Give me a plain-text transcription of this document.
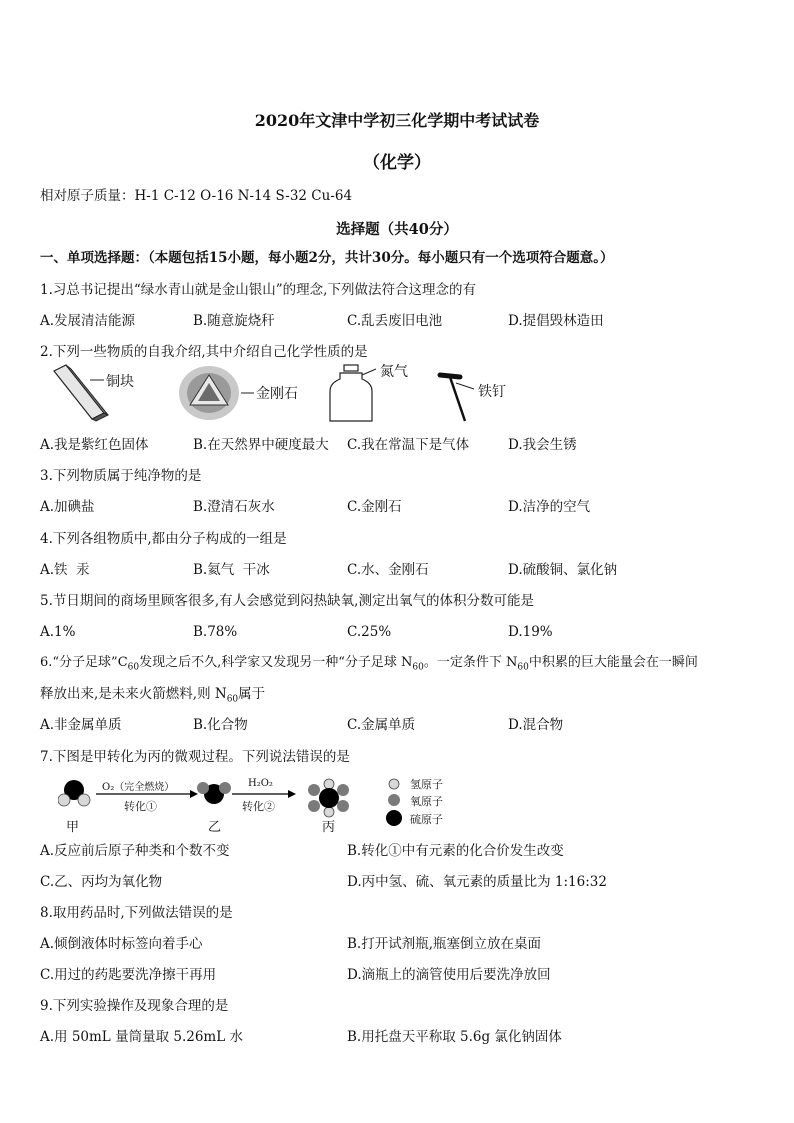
2020年文津中学初三化学期中考试试卷
（化学）
相对原子质量：H-1 C-12 O-16 N-14 S-32 Cu-64
选择题（共40分）
一、单项选择题：（本题包括15小题，每小题2分，共计30分。每小题只有一个选项符合题意。）
1.习总书记提出“绿水青山就是金山银山”的理念,下列做法符合这理念的有
A.发展清洁能源	B.随意旋烧秆	C.乱丢废旧电池	D.提倡毁林造田
2.下列一些物质的自我介绍,其中介绍自己化学性质的是
铜块
金刚石
氮气
铁钉
A.我是紫红色固体	B.在天然界中硬度最大 C.我在常温下是气体	D.我会生锈
3.下列物质属于纯净物的是
A.加碘盐	B.澄清石灰水	C.金刚石	D.洁净的空气
4.下列各组物质中,都由分子构成的一组是
A.铁  汞	B.氦气  干冰	C.水、金刚石	D.硫酸铜、氯化钠
5.节日期间的商场里顾客很多,有人会感觉到闷热缺氧,测定出氧气的体积分数可能是
A.1%	B.78%	C.25%	D.19%
6.“分子足球$”C_{60}$发现之后不久,科学家又发现另一种“分子足球 $N_{60}$。一定条件下 $N_{60}$中积累的巨大能量会在一瞬间
释放出来,是未来火箭燃料,则 $N_{60}$属于
A.非金属单质	B.化合物	C.金属单质	D.混合物
7.下图是甲转化为丙的微观过程。下列说法错误的是
O₂（完全燃烧）
转化①
H₂O₂
转化②
甲	乙	丙
氢原子
氧原子
硫原子
A.反应前后原子种类和个数不变	B.转化①中有元素的化合价发生改变
C.乙、丙均为氧化物	D.丙中氢、硫、氧元素的质量比为 1:16:32
8.取用药品时,下列做法错误的是
A.倾倒液体时标签向着手心	B.打开试剂瓶,瓶塞倒立放在桌面
C.用过的药匙要洗净擦干再用	D.滴瓶上的滴管使用后要洗净放回
9.下列实验操作及现象合理的是
A.用 50mL 量筒量取 5.26mL 水	B.用托盘天平称取 5.6g 氯化钠固体
